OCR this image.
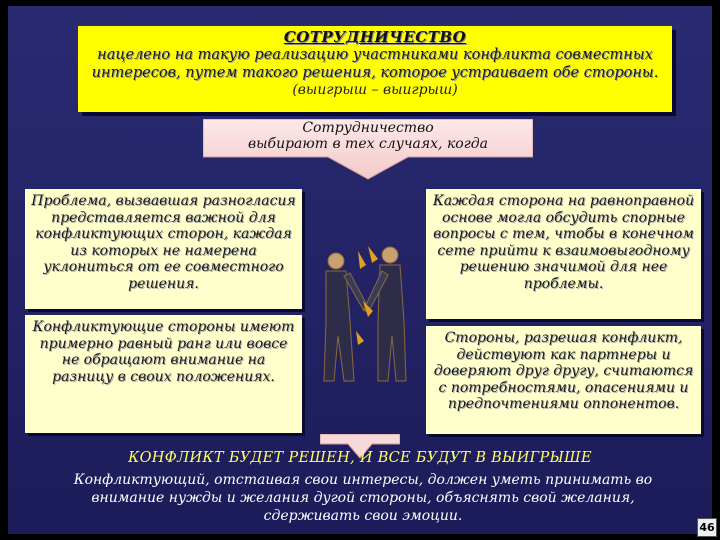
СОТРУДНИЧЕСТВО
нацелено на такую реализацию участниками конфликта совместных
интересов, путем такого решения, которое устраивает обе стороны.
(выигрыш – выигрыш)
Сотрудничество
выбирают в тех случаях, когда
Проблема, вызвавшая разногласия представляется важной для конфликтующих сторон, каждая из которых не намерена уклониться от ее совместного решения.
Конфликтующие стороны имеют примерно равный ранг или вовсе не обращают внимание на разницу в своих положениях.
Каждая сторона на равноправной основе могла обсудить спорные вопросы с тем, чтобы в конечном сете прийти к взаимовыгодному решению значимой для нее проблемы.
Стороны, разрешая конфликт, действуют как партнеры и доверяют друг другу, считаются с потребностями, опасениями и предпочтениями оппонентов.
КОНФЛИКТ БУДЕТ РЕШЕН, И ВСЕ БУДУТ В ВЫИГРЫШЕ
Конфликтующий, отстаивая свои интересы, должен уметь принимать во внимание нужды и желания дугой стороны, объяснять свой желания, сдерживать свои эмоции.
46
